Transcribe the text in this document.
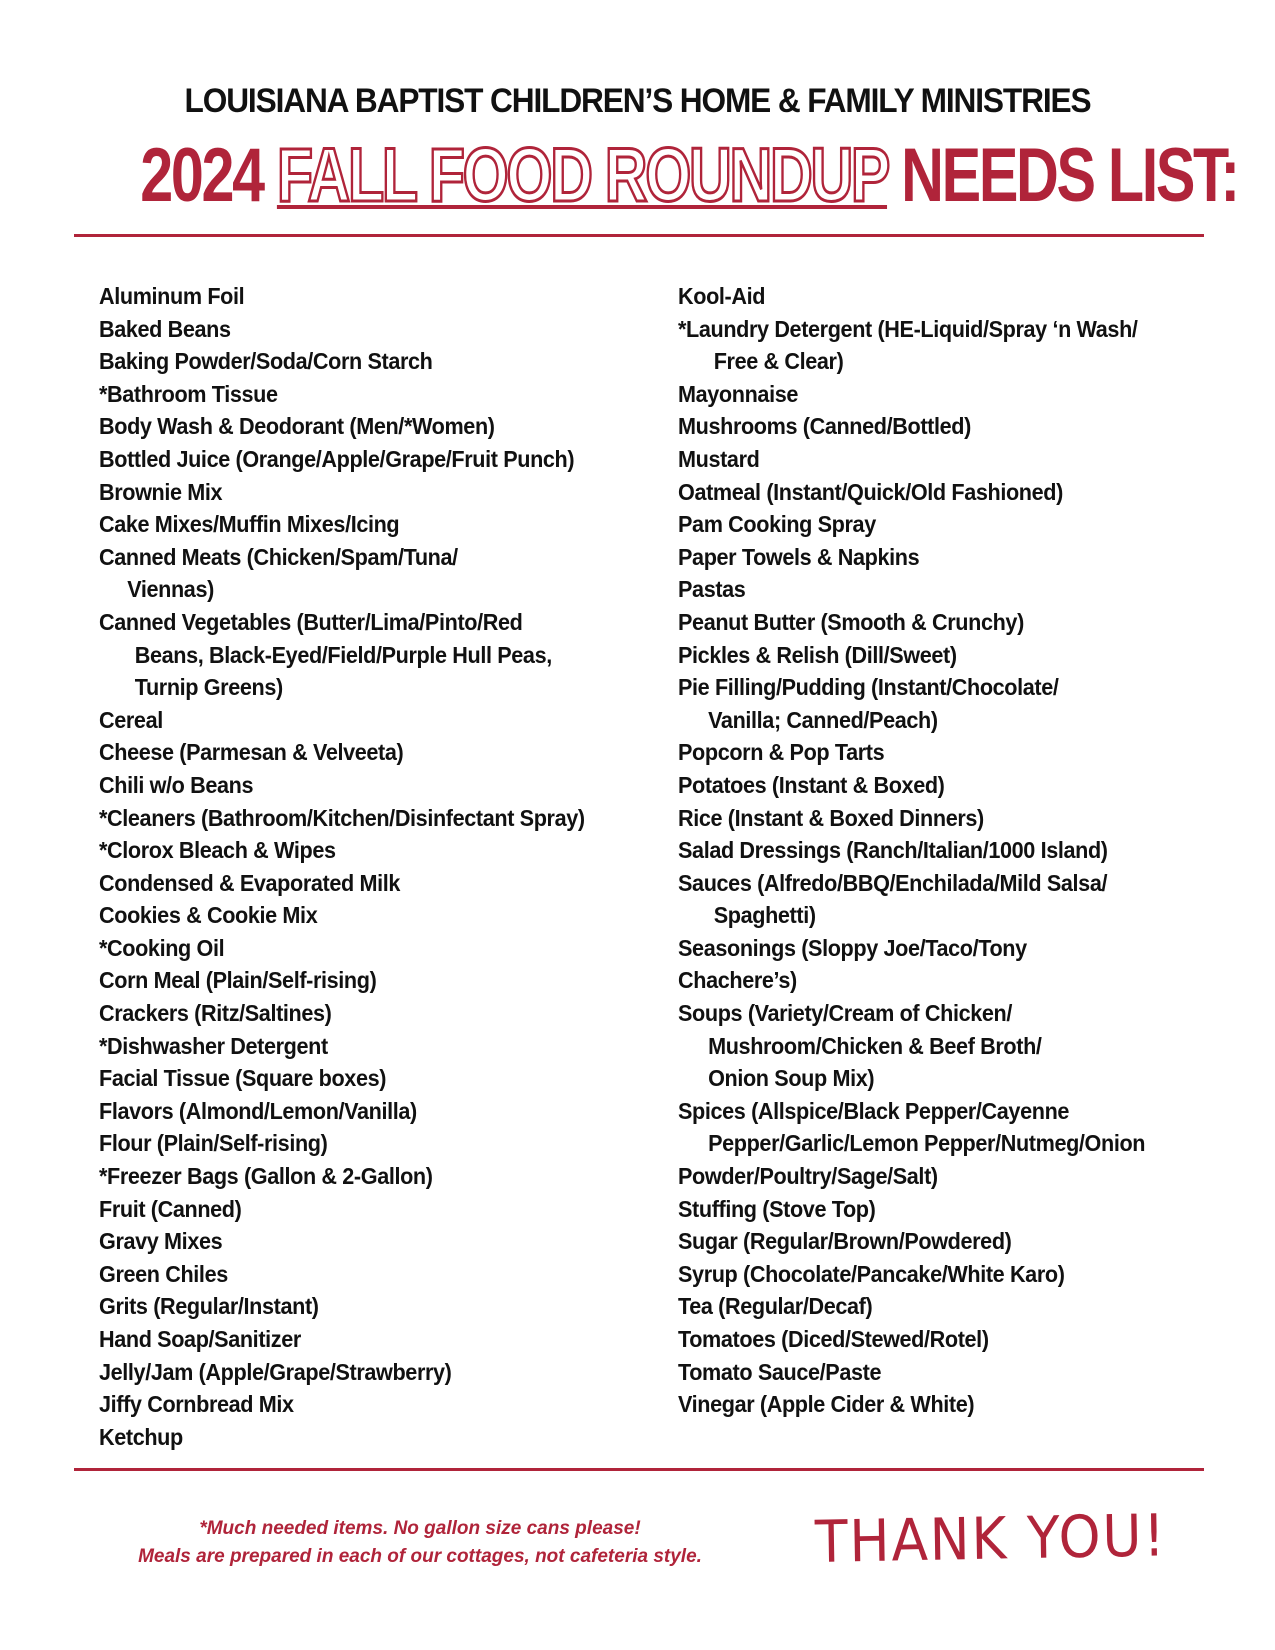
LOUISIANA BAPTIST CHILDREN’S HOME & FAMILY MINISTRIES
2024 FALL FOOD ROUNDUP NEEDS LIST:
Aluminum Foil
Baked Beans
Baking Powder/Soda/Corn Starch
*Bathroom Tissue
Body Wash & Deodorant (Men/*Women)
Bottled Juice (Orange/Apple/Grape/Fruit Punch)
Brownie Mix
Cake Mixes/Muffin Mixes/Icing
Canned Meats (Chicken/Spam/Tuna/
Viennas)
Canned Vegetables (Butter/Lima/Pinto/Red
Beans, Black-Eyed/Field/Purple Hull Peas,
Turnip Greens)
Cereal
Cheese (Parmesan & Velveeta)
Chili w/o Beans
*Cleaners (Bathroom/Kitchen/Disinfectant Spray)
*Clorox Bleach & Wipes
Condensed & Evaporated Milk
Cookies & Cookie Mix
*Cooking Oil
Corn Meal (Plain/Self-rising)
Crackers (Ritz/Saltines)
*Dishwasher Detergent
Facial Tissue (Square boxes)
Flavors (Almond/Lemon/Vanilla)
Flour (Plain/Self-rising)
*Freezer Bags (Gallon & 2-Gallon)
Fruit (Canned)
Gravy Mixes
Green Chiles
Grits (Regular/Instant)
Hand Soap/Sanitizer
Jelly/Jam (Apple/Grape/Strawberry)
Jiffy Cornbread Mix
Ketchup
Kool-Aid
*Laundry Detergent (HE-Liquid/Spray ‘n Wash/
Free & Clear)
Mayonnaise
Mushrooms (Canned/Bottled)
Mustard
Oatmeal (Instant/Quick/Old Fashioned)
Pam Cooking Spray
Paper Towels & Napkins
Pastas
Peanut Butter (Smooth & Crunchy)
Pickles & Relish (Dill/Sweet)
Pie Filling/Pudding (Instant/Chocolate/
Vanilla; Canned/Peach)
Popcorn & Pop Tarts
Potatoes (Instant & Boxed)
Rice (Instant & Boxed Dinners)
Salad Dressings (Ranch/Italian/1000 Island)
Sauces (Alfredo/BBQ/Enchilada/Mild Salsa/
Spaghetti)
Seasonings (Sloppy Joe/Taco/Tony
Chachere’s)
Soups (Variety/Cream of Chicken/
Mushroom/Chicken & Beef Broth/
Onion Soup Mix)
Spices (Allspice/Black Pepper/Cayenne
Pepper/Garlic/Lemon Pepper/Nutmeg/Onion
Powder/Poultry/Sage/Salt)
Stuffing (Stove Top)
Sugar (Regular/Brown/Powdered)
Syrup (Chocolate/Pancake/White Karo)
Tea (Regular/Decaf)
Tomatoes (Diced/Stewed/Rotel)
Tomato Sauce/Paste
Vinegar (Apple Cider & White)
*Much needed items. No gallon size cans please!
Meals are prepared in each of our cottages, not cafeteria style.	THANK YOU!
